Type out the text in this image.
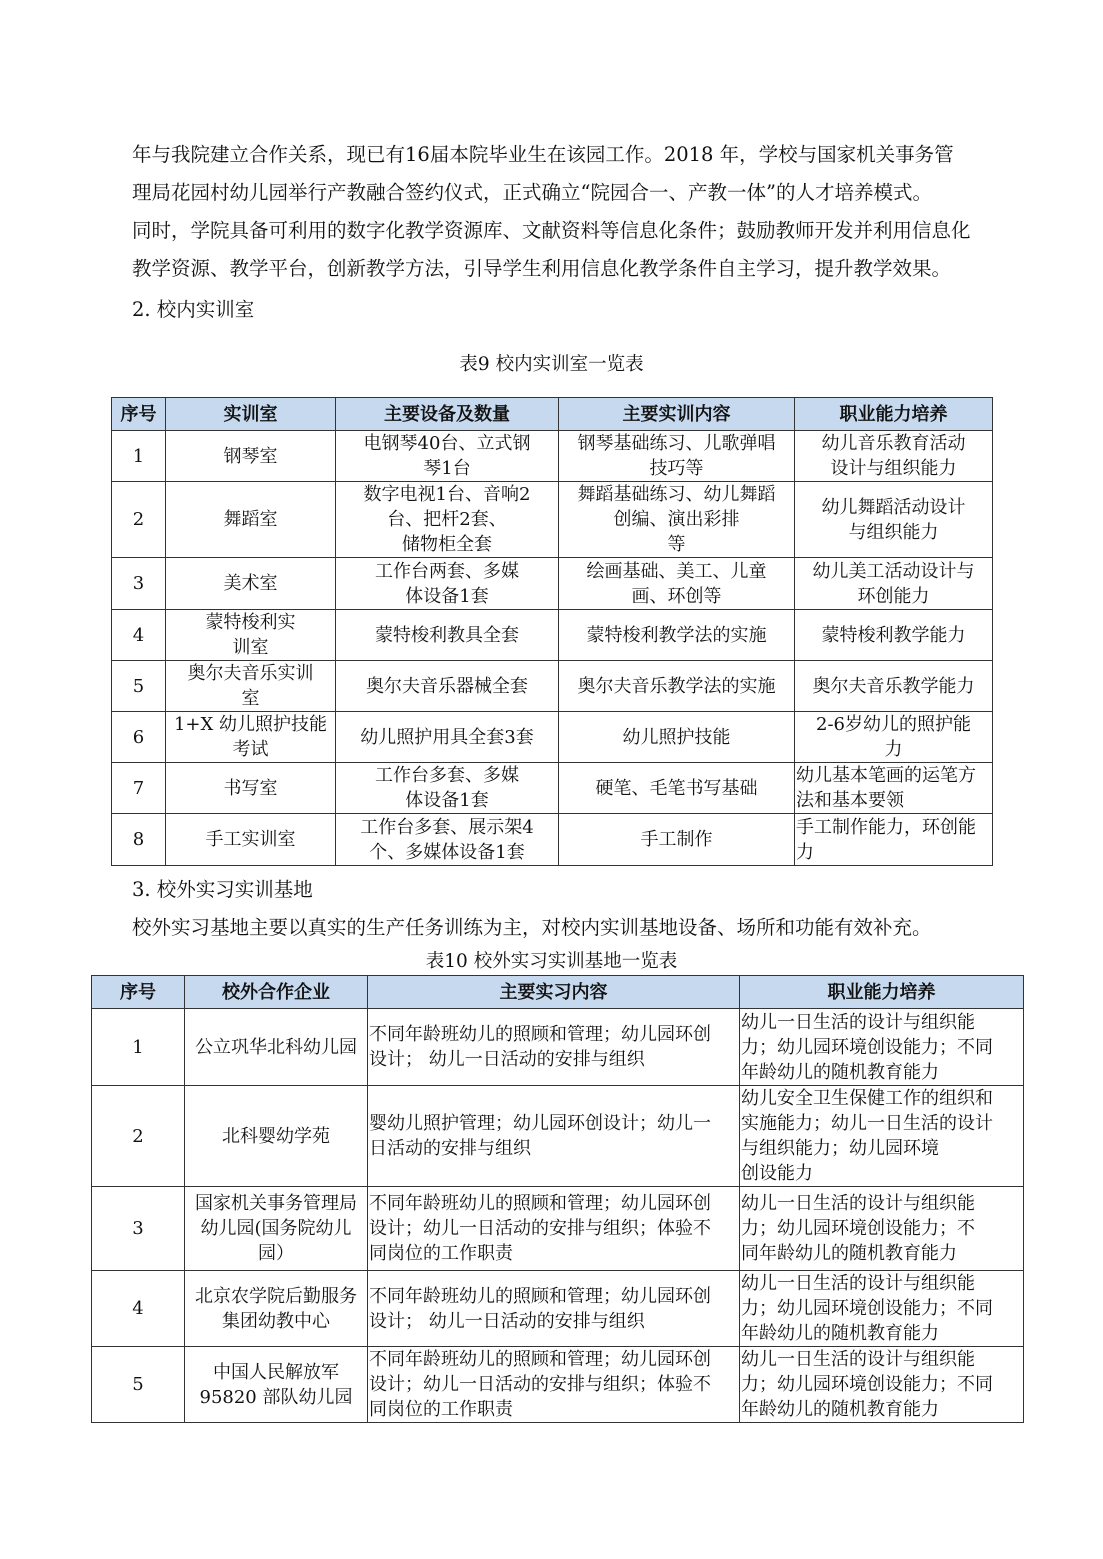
年与我院建立合作关系，现已有16届本院毕业生在该园工作。2018 年，学校与国家机关事务管
理局花园村幼儿园举行产教融合签约仪式，正式确立“院园合一、产教一体”的人才培养模式。
同时，学院具备可利用的数字化教学资源库、文献资料等信息化条件；鼓励教师开发并利用信息化
教学资源、教学平台，创新教学方法，引导学生利用信息化教学条件自主学习，提升教学效果。
2. 校内实训室
表9 校内实训室一览表
序号	实训室	主要设备及数量	主要实训内容	职业能力培养
1	钢琴室	电钢琴40台、立式钢
琴1台	钢琴基础练习、儿歌弹唱
技巧等	幼儿音乐教育活动
设计与组织能力
2	舞蹈室	数字电视1台、音响2
台、把杆2套、
储物柜全套	舞蹈基础练习、幼儿舞蹈
创编、演出彩排
等	幼儿舞蹈活动设计
与组织能力
3	美术室	工作台两套、多媒
体设备1套	绘画基础、美工、儿童
画、环创等	幼儿美工活动设计与
环创能力
4	蒙特梭利实
训室	蒙特梭利教具全套	蒙特梭利教学法的实施	蒙特梭利教学能力
5	奥尔夫音乐实训
室	奥尔夫音乐器械全套	奥尔夫音乐教学法的实施	奥尔夫音乐教学能力
6	1+X 幼儿照护技能
考试	幼儿照护用具全套3套	幼儿照护技能	2-6岁幼儿的照护能
力
7	书写室	工作台多套、多媒
体设备1套	硬笔、毛笔书写基础	幼儿基本笔画的运笔方
法和基本要领
8	手工实训室	工作台多套、展示架4
个、多媒体设备1套	手工制作	手工制作能力，环创能
力
3. 校外实习实训基地
校外实习基地主要以真实的生产任务训练为主，对校内实训基地设备、场所和功能有效补充。
表10 校外实习实训基地一览表
序号	校外合作企业	主要实习内容	职业能力培养
1	公立巩华北科幼儿园	不同年龄班幼儿的照顾和管理；幼儿园环创
设计； 幼儿一日活动的安排与组织	幼儿一日生活的设计与组织能
力；幼儿园环境创设能力；不同
年龄幼儿的随机教育能力
2	北科婴幼学苑	婴幼儿照护管理；幼儿园环创设计；幼儿一
日活动的安排与组织	幼儿安全卫生保健工作的组织和
实施能力；幼儿一日生活的设计
与组织能力；幼儿园环境
创设能力
3	国家机关事务管理局
幼儿园(国务院幼儿
园）	不同年龄班幼儿的照顾和管理；幼儿园环创
设计；幼儿一日活动的安排与组织；体验不
同岗位的工作职责	幼儿一日生活的设计与组织能
力；幼儿园环境创设能力；不
同年龄幼儿的随机教育能力
4	北京农学院后勤服务
集团幼教中心	不同年龄班幼儿的照顾和管理；幼儿园环创
设计； 幼儿一日活动的安排与组织	幼儿一日生活的设计与组织能
力；幼儿园环境创设能力；不同
年龄幼儿的随机教育能力
5	中国人民解放军
95820 部队幼儿园	不同年龄班幼儿的照顾和管理；幼儿园环创
设计；幼儿一日活动的安排与组织；体验不
同岗位的工作职责	幼儿一日生活的设计与组织能
力；幼儿园环境创设能力；不同
年龄幼儿的随机教育能力
